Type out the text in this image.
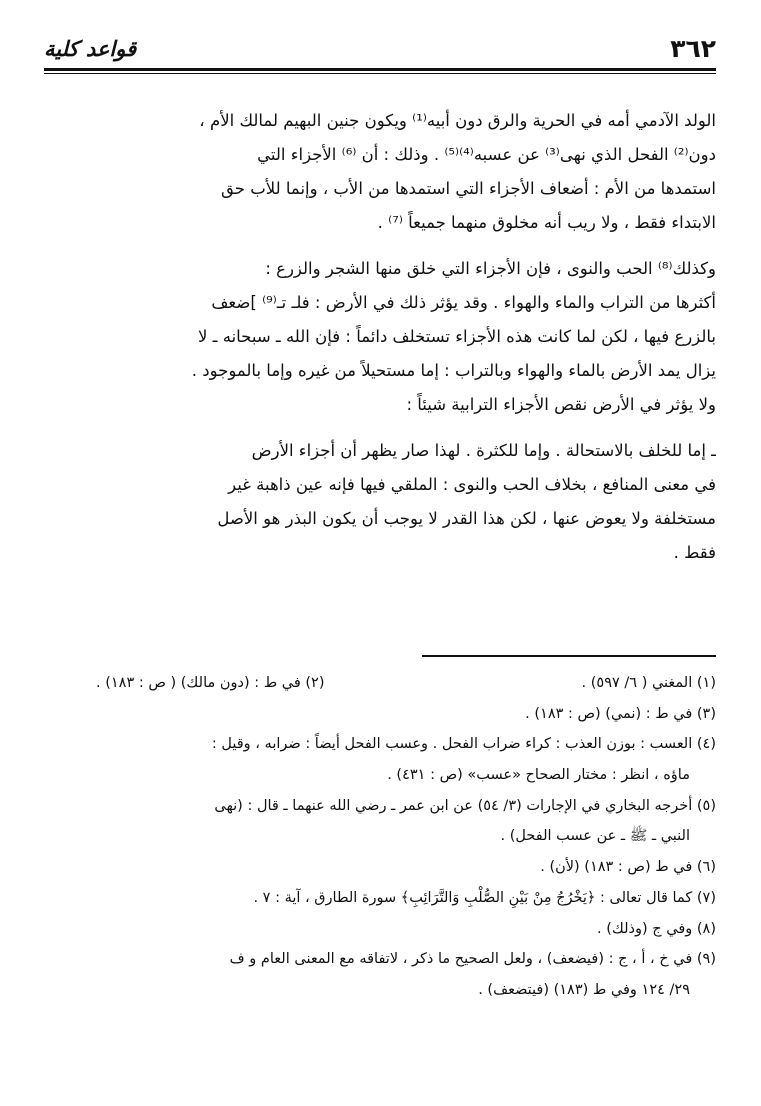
قواعد كلية	٣٦٢
الولد الآدمي أمه في الحرية والرق دون أبيه⁽¹⁾ ويكون جنين البهيم لمالك الأم ،
دون⁽²⁾ الفحل الذي نهى⁽³⁾ عن عسبه⁽⁴⁾⁽⁵⁾ . وذلك : أن ⁽⁶⁾ الأجزاء التي
استمدها من الأم : أضعاف الأجزاء التي استمدها من الأب ، وإنما للأب حق
الابتداء فقط ، ولا ريب أنه مخلوق منهما جميعاً ⁽⁷⁾ .
وكذلك⁽⁸⁾ الحب والنوى ، فإن الأجزاء التي خلق منها الشجر والزرع :
أكثرها من التراب والماء والهواء . وقد يؤثر ذلك في الأرض : فلـ تـ⁽⁹⁾ ]ضعف
بالزرع فيها ، لكن لما كانت هذه الأجزاء تستخلف دائماً : فإن الله ـ سبحانه ـ لا
يزال يمد الأرض بالماء والهواء وبالتراب : إما مستحيلاً من غيره وإما بالموجود .
ولا يؤثر في الأرض نقص الأجزاء الترابية شيئاً :
ـ إما للخلف بالاستحالة . وإما للكثرة . لهذا صار يظهر أن أجزاء الأرض
في معنى المنافع ، بخلاف الحب والنوى : الملقي فيها فإنه عين ذاهبة غير
مستخلفة ولا يعوض عنها ، لكن هذا القدر لا يوجب أن يكون البذر هو الأصل
فقط .
(١) المغني ( ٦/ ٥٩٧) .
(٢) في ط : (دون مالك) ( ص : ١٨٣) .
(٣) في ط : (نمي) (ص : ١٨٣) .
(٤) العسب : بوزن العذب : كراء ضراب الفحل . وعسب الفحل أيضاً : ضرابه ، وقيل :
ماؤه ، انظر : مختار الصحاح «عسب» (ص : ٤٣١) .
(٥) أخرجه البخاري في الإجارات (٣/ ٥٤) عن ابن عمر ـ رضي الله عنهما ـ قال : (نهى
النبي ـ ﷺ ـ عن عسب الفحل) .
(٦) في ط (ص : ١٨٣) (لأن) .
(٧) كما قال تعالى : ﴿يَخْرُجُ مِنْ بَيْنِ الصُّلْبِ وَالتَّرَائِبِ﴾ سورة الطارق ، آية : ٧ .
(٨) وفي ج (وذلك) .
(٩) في خ ، أ ، ج : (فيضعف) ، ولعل الصحيح ما ذكر ، لاتفاقه مع المعنى العام و ف
٢٩/ ١٢٤ وفي ط (١٨٣) (فيتضعف) .
